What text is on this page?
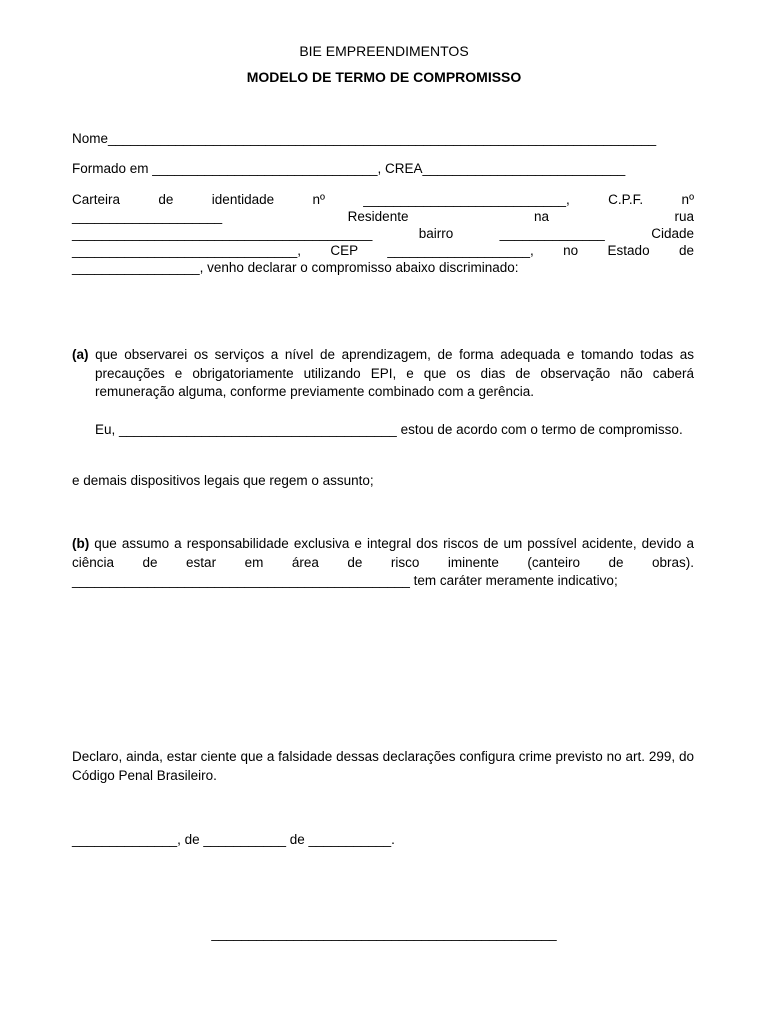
BIE EMPREENDIMENTOS

MODELO DE TERMO DE COMPROMISSO

Nome_________________________________________________________________________

Formado em ______________________________, CREA___________________________

Carteira de identidade nº ___________________________, C.P.F. nº
____________________ Residente na rua
________________________________________ bairro ______________ Cidade
______________________________, CEP ___________________, no Estado de
_________________, venho declarar o compromisso abaixo discriminado:

(a) que observarei os serviços a nível de aprendizagem, de forma adequada e tomando todas as precauções e obrigatoriamente utilizando EPI, e que os dias de observação não caberá remuneração alguma, conforme previamente combinado com a gerência.

Eu, _____________________________________ estou de acordo com o termo de compromisso.

e demais dispositivos legais que regem o assunto;

(b) que assumo a responsabilidade exclusiva e integral dos riscos de um possível acidente, devido a ciência de estar em área de risco iminente (canteiro de obras). _____________________________________________ tem caráter meramente indicativo;

Declaro, ainda, estar ciente que a falsidade dessas declarações configura crime previsto no art. 299, do Código Penal Brasileiro.

______________, de ___________ de ___________.

______________________________________________
